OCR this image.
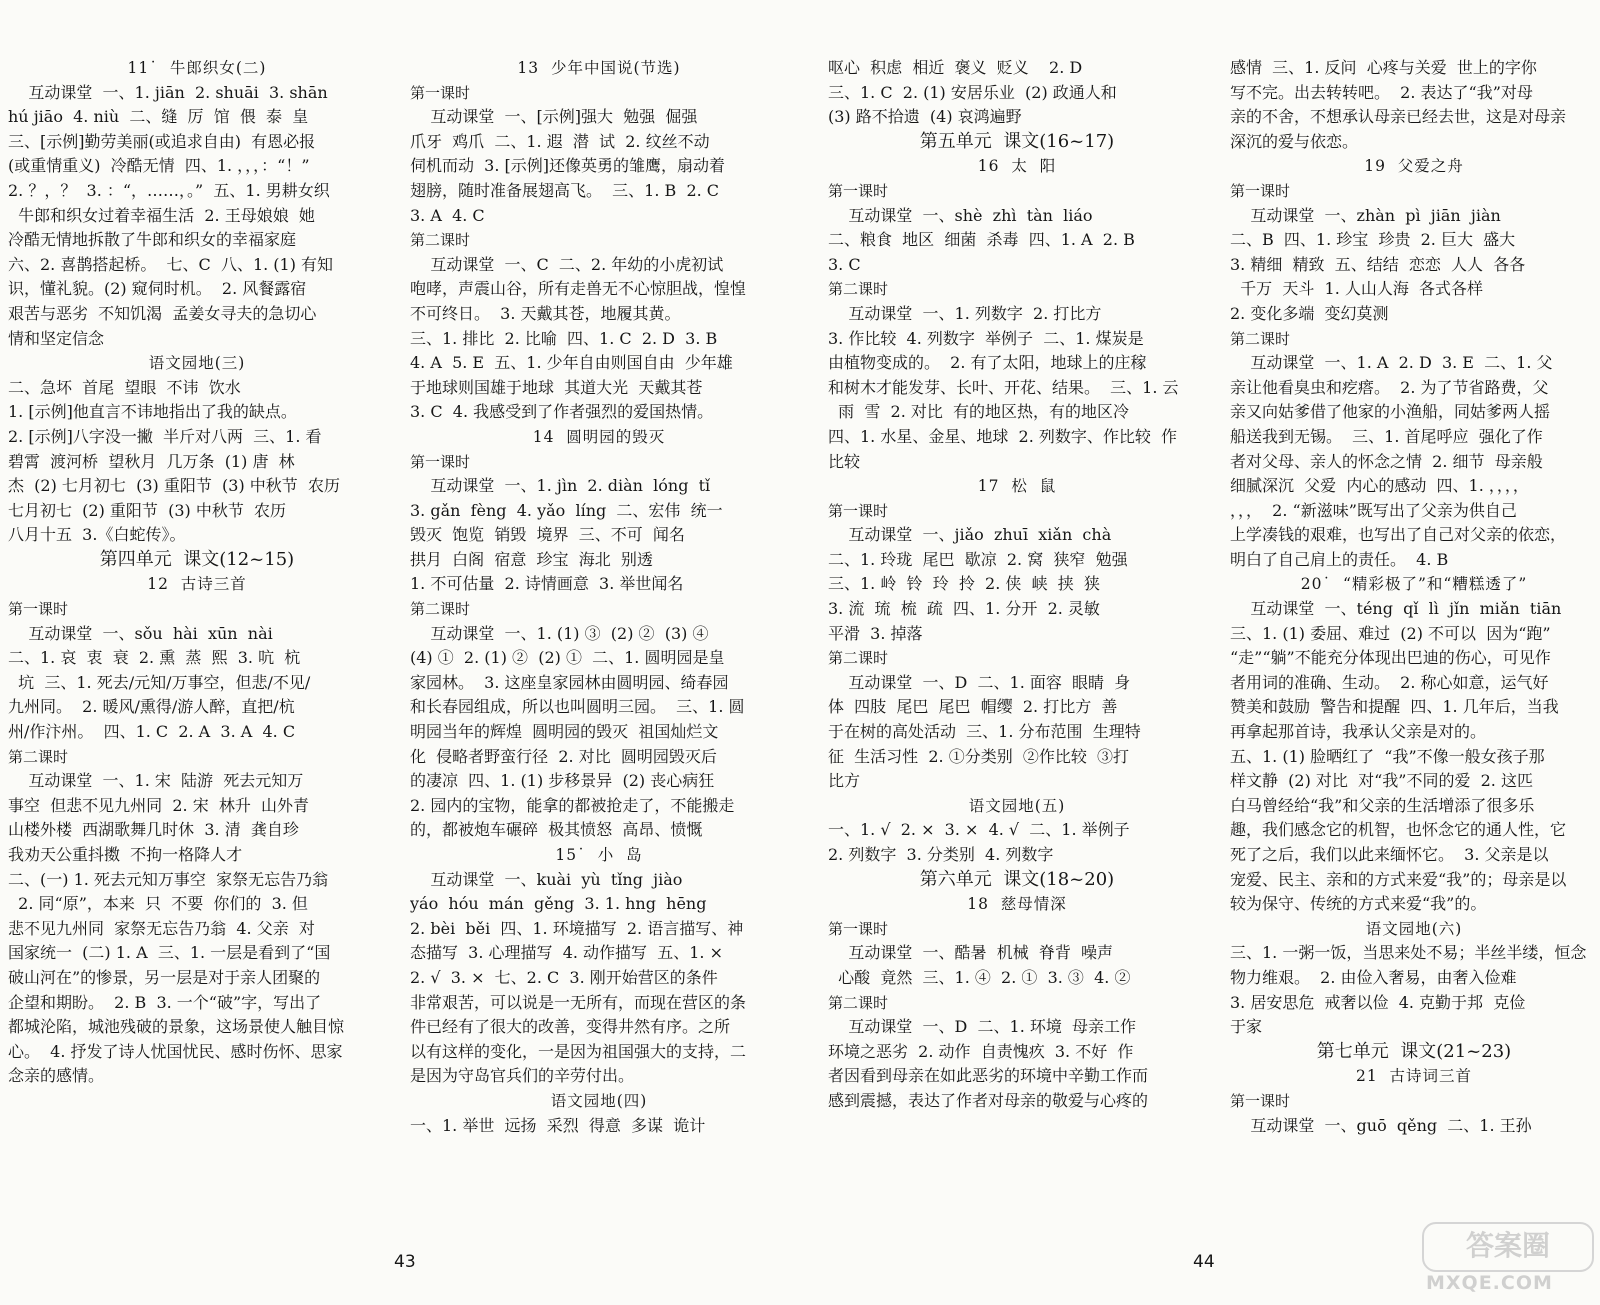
11˙  牛郎织女(二)
互动课堂  一、1. jiān  2. shuāi  3. shān
hú jiāo  4. niù  二、缝  厉  馆  偎  泰  皇
三、[示例]勤劳美丽(或追求自由)  有恩必报
(或重情重义)  冷酷无情  四、1. ，，，：“！”
2. ？，？  3. ：“，……，。”  五、1. 男耕女织
牛郎和织女过着幸福生活  2. 王母娘娘  她
冷酷无情地拆散了牛郎和织女的幸福家庭
六、2. 喜鹊搭起桥。  七、C  八、1. (1) 有知
识，懂礼貌。(2) 窥伺时机。  2. 风餐露宿
艰苦与恶劣  不知饥渴  孟姜女寻夫的急切心
情和坚定信念
语文园地(三)
二、急坏  首尾  望眼  不讳  饮水
1. [示例]他直言不讳地指出了我的缺点。
2. [示例]八字没一撇  半斤对八两  三、1. 看
碧霄  渡河桥  望秋月  几万条  (1) 唐  林
杰  (2) 七月初七  (3) 重阳节  (3) 中秋节  农历
七月初七  (2) 重阳节  (3) 中秋节  农历
八月十五  3.《白蛇传》。
第四单元  课文(12~15)
12  古诗三首
第一课时
互动课堂  一、sǒu  hài  xūn  nài
二、1. 哀  衷  衰  2. 熏  蒸  熙  3. 吭  杭
坑  三、1. 死去/元知/万事空，但悲/不见/
九州同。  2. 暖风/熏得/游人醉，直把/杭
州/作汴州。  四、1. C  2. A  3. A  4. C
第二课时
互动课堂  一、1. 宋  陆游  死去元知万
事空  但悲不见九州同  2. 宋  林升  山外青
山楼外楼  西湖歌舞几时休  3. 清  龚自珍
我劝天公重抖擞  不拘一格降人才
二、(一) 1. 死去元知万事空  家祭无忘告乃翁
2. 同“原”，本来  只  不要  你们的  3. 但
悲不见九州同  家祭无忘告乃翁  4. 父亲  对
国家统一  (二) 1. A  三、1. 一层是看到了“国
破山河在”的惨景，另一层是对于亲人团聚的
企望和期盼。  2. B  3. 一个“破”字，写出了
都城沦陷，城池残破的景象，这场景使人触目惊
心。  4. 抒发了诗人忧国忧民、感时伤怀、思家
念亲的感情。
13  少年中国说(节选)
第一课时
互动课堂  一、[示例]强大  勉强  倔强
爪牙  鸡爪  二、1. 遐  潜  试  2. 纹丝不动
伺机而动  3. [示例]还像英勇的雏鹰，扇动着
翅膀，随时准备展翅高飞。  三、1. B  2. C
3. A  4. C
第二课时
互动课堂  一、C  二、2. 年幼的小虎初试
咆哮，声震山谷，所有走兽无不心惊胆战，惶惶
不可终日。  3. 天戴其苍，地履其黄。
三、1. 排比  2. 比喻  四、1. C  2. D  3. B
4. A  5. E  五、1. 少年自由则国自由  少年雄
于地球则国雄于地球  其道大光  天戴其苍
3. C  4. 我感受到了作者强烈的爱国热情。
14  圆明园的毁灭
第一课时
互动课堂  一、1. jìn  2. diàn  lóng  tǐ
3. gǎn  fèng  4. yǎo  líng  二、宏伟  统一
毁灭  饱览  销毁  境界  三、不可  闻名
拱月  白阁  宿意  珍宝  海北  别透
1. 不可估量  2. 诗情画意  3. 举世闻名
第二课时
互动课堂  一、1. (1) ③  (2) ②  (3) ④
(4) ①  2. (1) ②  (2) ①  二、1. 圆明园是皇
家园林。  3. 这座皇家园林由圆明园、绮春园
和长春园组成，所以也叫圆明三园。  三、1. 圆
明园当年的辉煌  圆明园的毁灭  祖国灿烂文
化  侵略者野蛮行径  2. 对比  圆明园毁灭后
的凄凉  四、1. (1) 步移景异  (2) 丧心病狂
2. 园内的宝物，能拿的都被抢走了，不能搬走
的，都被炮车碾碎  极其愤怒  高昂、愤慨
15˙  小  岛
互动课堂  一、kuài  yù  tǐng  jiào
yáo  hóu  mán  gěng  3. 1. hng  hēng
2. bèi  běi  四、1. 环境描写  2. 语言描写、神
态描写  3. 心理描写  4. 动作描写  五、1. ×
2. √  3. ×  七、2. C  3. 刚开始营区的条件
非常艰苦，可以说是一无所有，而现在营区的条
件已经有了很大的改善，变得井然有序。之所
以有这样的变化，一是因为祖国强大的支持，二
是因为守岛官兵们的辛劳付出。
语文园地(四)
一、1. 举世  远扬  采烈  得意  多谋  诡计
呕心  积虑  相近  褒义  贬义    2. D
三、1. C  2. (1) 安居乐业  (2) 政通人和
(3) 路不拾遗  (4) 哀鸿遍野
第五单元  课文(16~17)
16  太  阳
第一课时
互动课堂  一、shè  zhì  tàn  liáo
二、粮食  地区  细菌  杀毒  四、1. A  2. B
3. C
第二课时
互动课堂  一、1. 列数字  2. 打比方
3. 作比较  4. 列数字  举例子  二、1. 煤炭是
由植物变成的。  2. 有了太阳，地球上的庄稼
和树木才能发芽、长叶、开花、结果。  三、1. 云
雨  雪  2. 对比  有的地区热，有的地区冷
四、1. 水星、金星、地球  2. 列数字、作比较  作
比较
17  松  鼠
第一课时
互动课堂  一、jiǎo  zhuī  xiǎn  chà
二、1. 玲珑  尾巴  歇凉  2. 窝  狭窄  勉强
三、1. 岭  铃  玲  拎  2. 侠  峡  挟  狭
3. 流  琉  梳  疏  四、1. 分开  2. 灵敏
平滑  3. 掉落
第二课时
互动课堂  一、D  二、1. 面容  眼睛  身
体  四肢  尾巴  尾巴  帽缨  2. 打比方  善
于在树的高处活动  三、1. 分布范围  生理特
征  生活习性  2. ①分类别  ②作比较  ③打
比方
语文园地(五)
一、1. √  2. ×  3. ×  4. √  二、1. 举例子
2. 列数字  3. 分类别  4. 列数字
第六单元  课文(18~20)
18  慈母情深
第一课时
互动课堂  一、酷暑  机械  脊背  噪声
心酸  竟然  三、1. ④  2. ①  3. ③  4. ②
第二课时
互动课堂  一、D  二、1. 环境  母亲工作
环境之恶劣  2. 动作  自责愧疚  3. 不好  作
者因看到母亲在如此恶劣的环境中辛勤工作而
感到震撼，表达了作者对母亲的敬爱与心疼的
感情  三、1. 反问  心疼与关爱  世上的字你
写不完。出去转转吧。  2. 表达了“我”对母
亲的不舍，不想承认母亲已经去世，这是对母亲
深沉的爱与依恋。
19  父爱之舟
第一课时
互动课堂  一、zhàn  pì  jiān  jiàn
二、B  四、1. 珍宝  珍贵  2. 巨大  盛大
3. 精细  精致  五、结结  恋恋  人人  各各
千万  天斗  1. 人山人海  各式各样
2. 变化多端  变幻莫测
第二课时
互动课堂  一、1. A  2. D  3. E  二、1. 父
亲让他看臭虫和疙瘩。  2. 为了节省路费，父
亲又向姑爹借了他家的小渔船，同姑爹两人摇
船送我到无锡。  三、1. 首尾呼应  强化了作
者对父母、亲人的怀念之情  2. 细节  母亲般
细腻深沉  父爱  内心的感动  四、1. ，，，，
，，，  2. “新滋味”既写出了父亲为供自己
上学凑钱的艰难，也写出了自己对父亲的依恋，
明白了自己肩上的责任。  4. B
20˙  “精彩极了”和“糟糕透了”
互动课堂  一、téng  qǐ  lì  jǐn  miǎn  tiān
三、1. (1) 委屈、难过  (2) 不可以  因为“跑”
“走”“躺”不能充分体现出巴迪的伤心，可见作
者用词的准确、生动。  2. 称心如意，运气好
赞美和鼓励  警告和提醒  四、1. 几年后，当我
再拿起那首诗，我承认父亲是对的。
五、1. (1) 脸晒红了  “我”不像一般女孩子那
样文静  (2) 对比  对“我”不同的爱  2. 这匹
白马曾经给“我”和父亲的生活增添了很多乐
趣，我们感念它的机智，也怀念它的通人性，它
死了之后，我们以此来缅怀它。  3. 父亲是以
宠爱、民主、亲和的方式来爱“我”的；母亲是以
较为保守、传统的方式来爱“我”的。
语文园地(六)
三、1. 一粥一饭，当思来处不易；半丝半缕，恒念
物力维艰。  2. 由俭入奢易，由奢入俭难
3. 居安思危  戒奢以俭  4. 克勤于邦  克俭
于家
第七单元  课文(21~23)
21  古诗词三首
第一课时
互动课堂  一、guō  qěng  二、1. 王孙
43	44	答案圈
MXQE.COM
